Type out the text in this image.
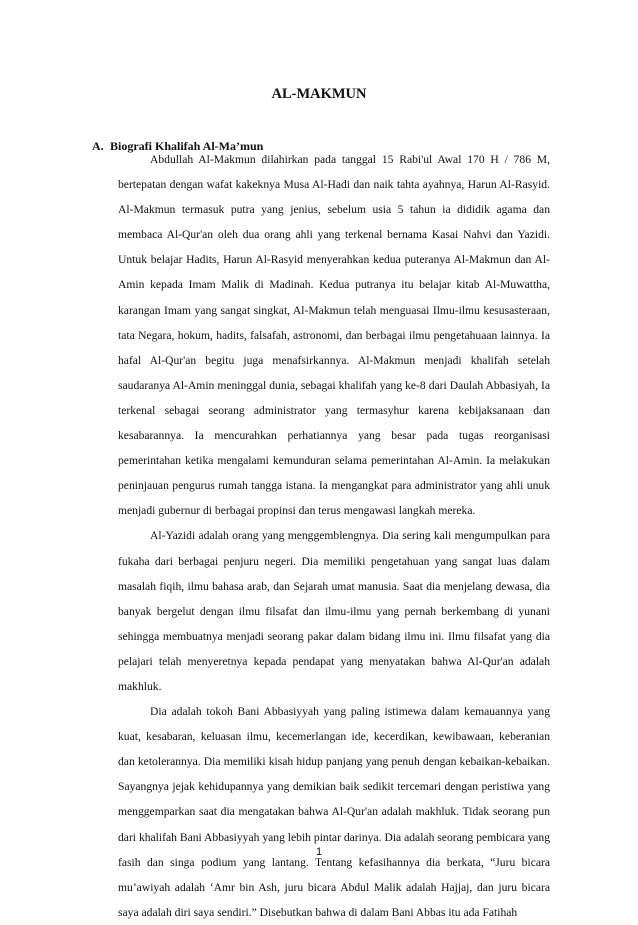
AL-MAKMUN
A. Biografi Khalifah Al-Ma’mun

Abdullah Al-Makmun dilahirkan pada tanggal 15 Rabi'ul Awal 170 H / 786 M, bertepatan dengan wafat kakeknya Musa Al-Hadi dan naik tahta ayahnya, Harun Al-Rasyid. Al-Makmun termasuk putra yang jenius, sebelum usia 5 tahun ia dididik agama dan membaca Al-Qur'an oleh dua orang ahli yang terkenal bernama Kasai Nahvi dan Yazidi. Untuk belajar Hadits, Harun Al-Rasyid menyerahkan kedua puteranya Al-Makmun dan Al-Amin kepada Imam Malik di Madinah. Kedua putranya itu belajar kitab Al-Muwattha, karangan Imam yang sangat singkat, Al-Makmun telah menguasai Ilmu-ilmu kesusasteraan, tata Negara, hokum, hadits, falsafah, astronomi, dan berbagai ilmu pengetahuaan lainnya. Ia hafal Al-Qur'an begitu juga menafsirkannya. Al-Makmun menjadi khalifah setelah saudaranya Al-Amin meninggal dunia, sebagai khalifah yang ke-8 dari Daulah Abbasiyah, Ia terkenal sebagai seorang administrator yang termasyhur karena kebijaksanaan dan kesabarannya. Ia mencurahkan perhatiannya yang besar pada tugas reorganisasi pemerintahan ketika mengalami kemunduran selama pemerintahan Al-Amin. Ia melakukan peninjauan pengurus rumah tangga istana. Ia mengangkat para administrator yang ahli unuk menjadi gubernur di berbagai propinsi dan terus mengawasi langkah mereka.

Al-Yazidi adalah orang yang menggemblengnya. Dia sering kali mengumpulkan para fukaha dari berbagai penjuru negeri. Dia memiliki pengetahuan yang sangat luas dalam masalah fiqih, ilmu bahasa arab, dan Sejarah umat manusia. Saat dia menjelang dewasa, dia banyak bergelut dengan ilmu filsafat dan ilmu-ilmu yang pernah berkembang di yunani sehingga membuatnya menjadi seorang pakar dalam bidang ilmu ini. Ilmu filsafat yang dia pelajari telah menyeretnya kepada pendapat yang menyatakan bahwa Al-Qur'an adalah makhluk.

Dia adalah tokoh Bani Abbasiyyah yang paling istimewa dalam kemauannya yang kuat, kesabaran, keluasan ilmu, kecemerlangan ide, kecerdikan, kewibawaan, keberanian dan ketolerannya. Dia memiliki kisah hidup panjang yang penuh dengan kebaikan-kebaikan. Sayangnya jejak kehidupannya yang demikian baik sedikit tercemari dengan peristiwa yang menggemparkan saat dia mengatakan bahwa Al-Qur'an adalah makhluk. Tidak seorang pun dari khalifah Bani Abbasiyyah yang lebih pintar darinya. Dia adalah seorang pembicara yang fasih dan singa podium yang lantang. Tentang kefasihannya dia berkata, “Juru bicara mu’awiyah adalah ‘Amr bin Ash, juru bicara Abdul Malik adalah Hajjaj, dan juru bicara saya adalah diri saya sendiri.” Disebutkan bahwa di dalam Bani Abbas itu ada Fatihah

1
